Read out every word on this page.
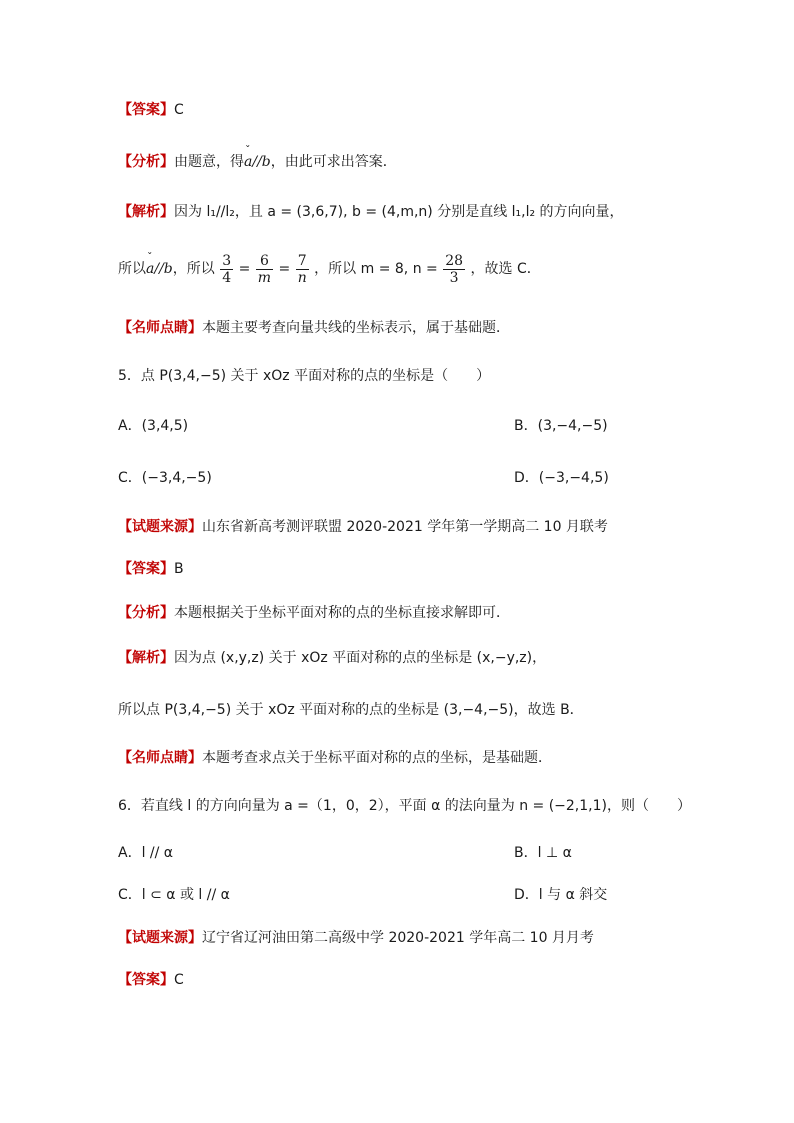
【答案】C
【分析】由题意，得ˇ a//b，由此可求出答案．
【解析】因为 l₁//l₂，且 a = (3,6,7), b = (4,m,n) 分别是直线 l₁,l₂ 的方向向量，
所以ˇ a//b，所以 $\frac{3}{4} = \frac{6}{m} = \frac{7}{n}$ ，所以 m = 8, $n = \frac{28}{3}$ ，故选 C．
【名师点睛】本题主要考查向量共线的坐标表示，属于基础题．
5．点 P(3,4,−5) 关于 xOz 平面对称的点的坐标是（　　）
A．(3,4,5)	B．(3,−4,−5)
C．(−3,4,−5)	D．(−3,−4,5)
【试题来源】山东省新高考测评联盟 2020-2021 学年第一学期高二 10 月联考
【答案】B
【分析】本题根据关于坐标平面对称的点的坐标直接求解即可．
【解析】因为点 (x,y,z) 关于 xOz 平面对称的点的坐标是 (x,−y,z)，
所以点 P(3,4,−5) 关于 xOz 平面对称的点的坐标是 (3,−4,−5)，故选 B．
【名师点睛】本题考查求点关于坐标平面对称的点的坐标，是基础题．
6．若直线 l 的方向向量为 a =（1，0，2），平面 α 的法向量为 n = (−2,1,1)，则（　　）
A．l // α	B．l ⊥ α
C．l ⊂ α 或 l // α	D．l 与 α 斜交
【试题来源】辽宁省辽河油田第二高级中学 2020-2021 学年高二 10 月月考
【答案】C
